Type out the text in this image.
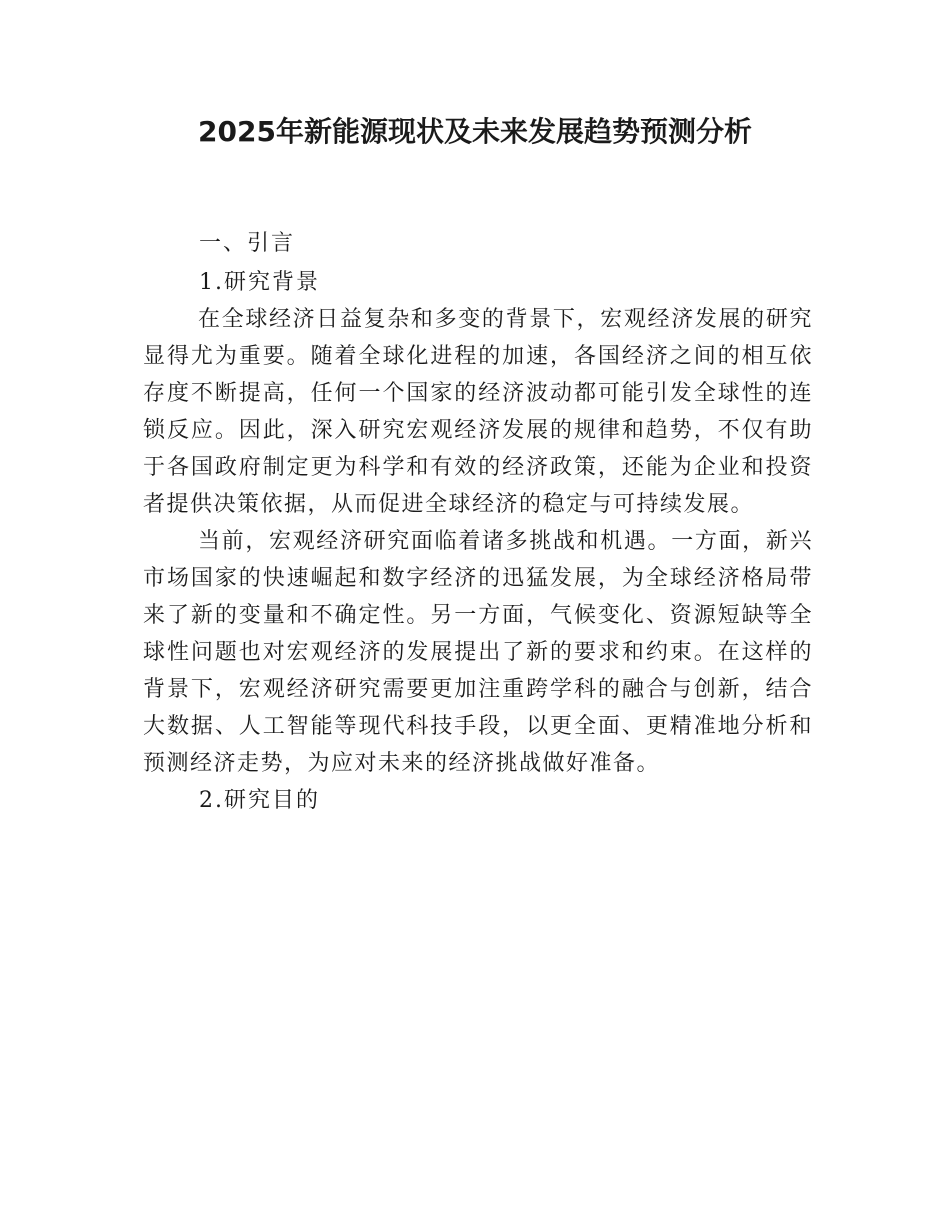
2025年新能源现状及未来发展趋势预测分析

一、引言

1.研究背景

在全球经济日益复杂和多变的背景下，宏观经济发展的研究显得尤为重要。随着全球化进程的加速，各国经济之间的相互依存度不断提高，任何一个国家的经济波动都可能引发全球性的连锁反应。因此，深入研究宏观经济发展的规律和趋势，不仅有助于各国政府制定更为科学和有效的经济政策，还能为企业和投资者提供决策依据，从而促进全球经济的稳定与可持续发展。

当前，宏观经济研究面临着诸多挑战和机遇。一方面，新兴市场国家的快速崛起和数字经济的迅猛发展，为全球经济格局带来了新的变量和不确定性。另一方面，气候变化、资源短缺等全球性问题也对宏观经济的发展提出了新的要求和约束。在这样的背景下，宏观经济研究需要更加注重跨学科的融合与创新，结合大数据、人工智能等现代科技手段，以更全面、更精准地分析和预测经济走势，为应对未来的经济挑战做好准备。

2.研究目的
